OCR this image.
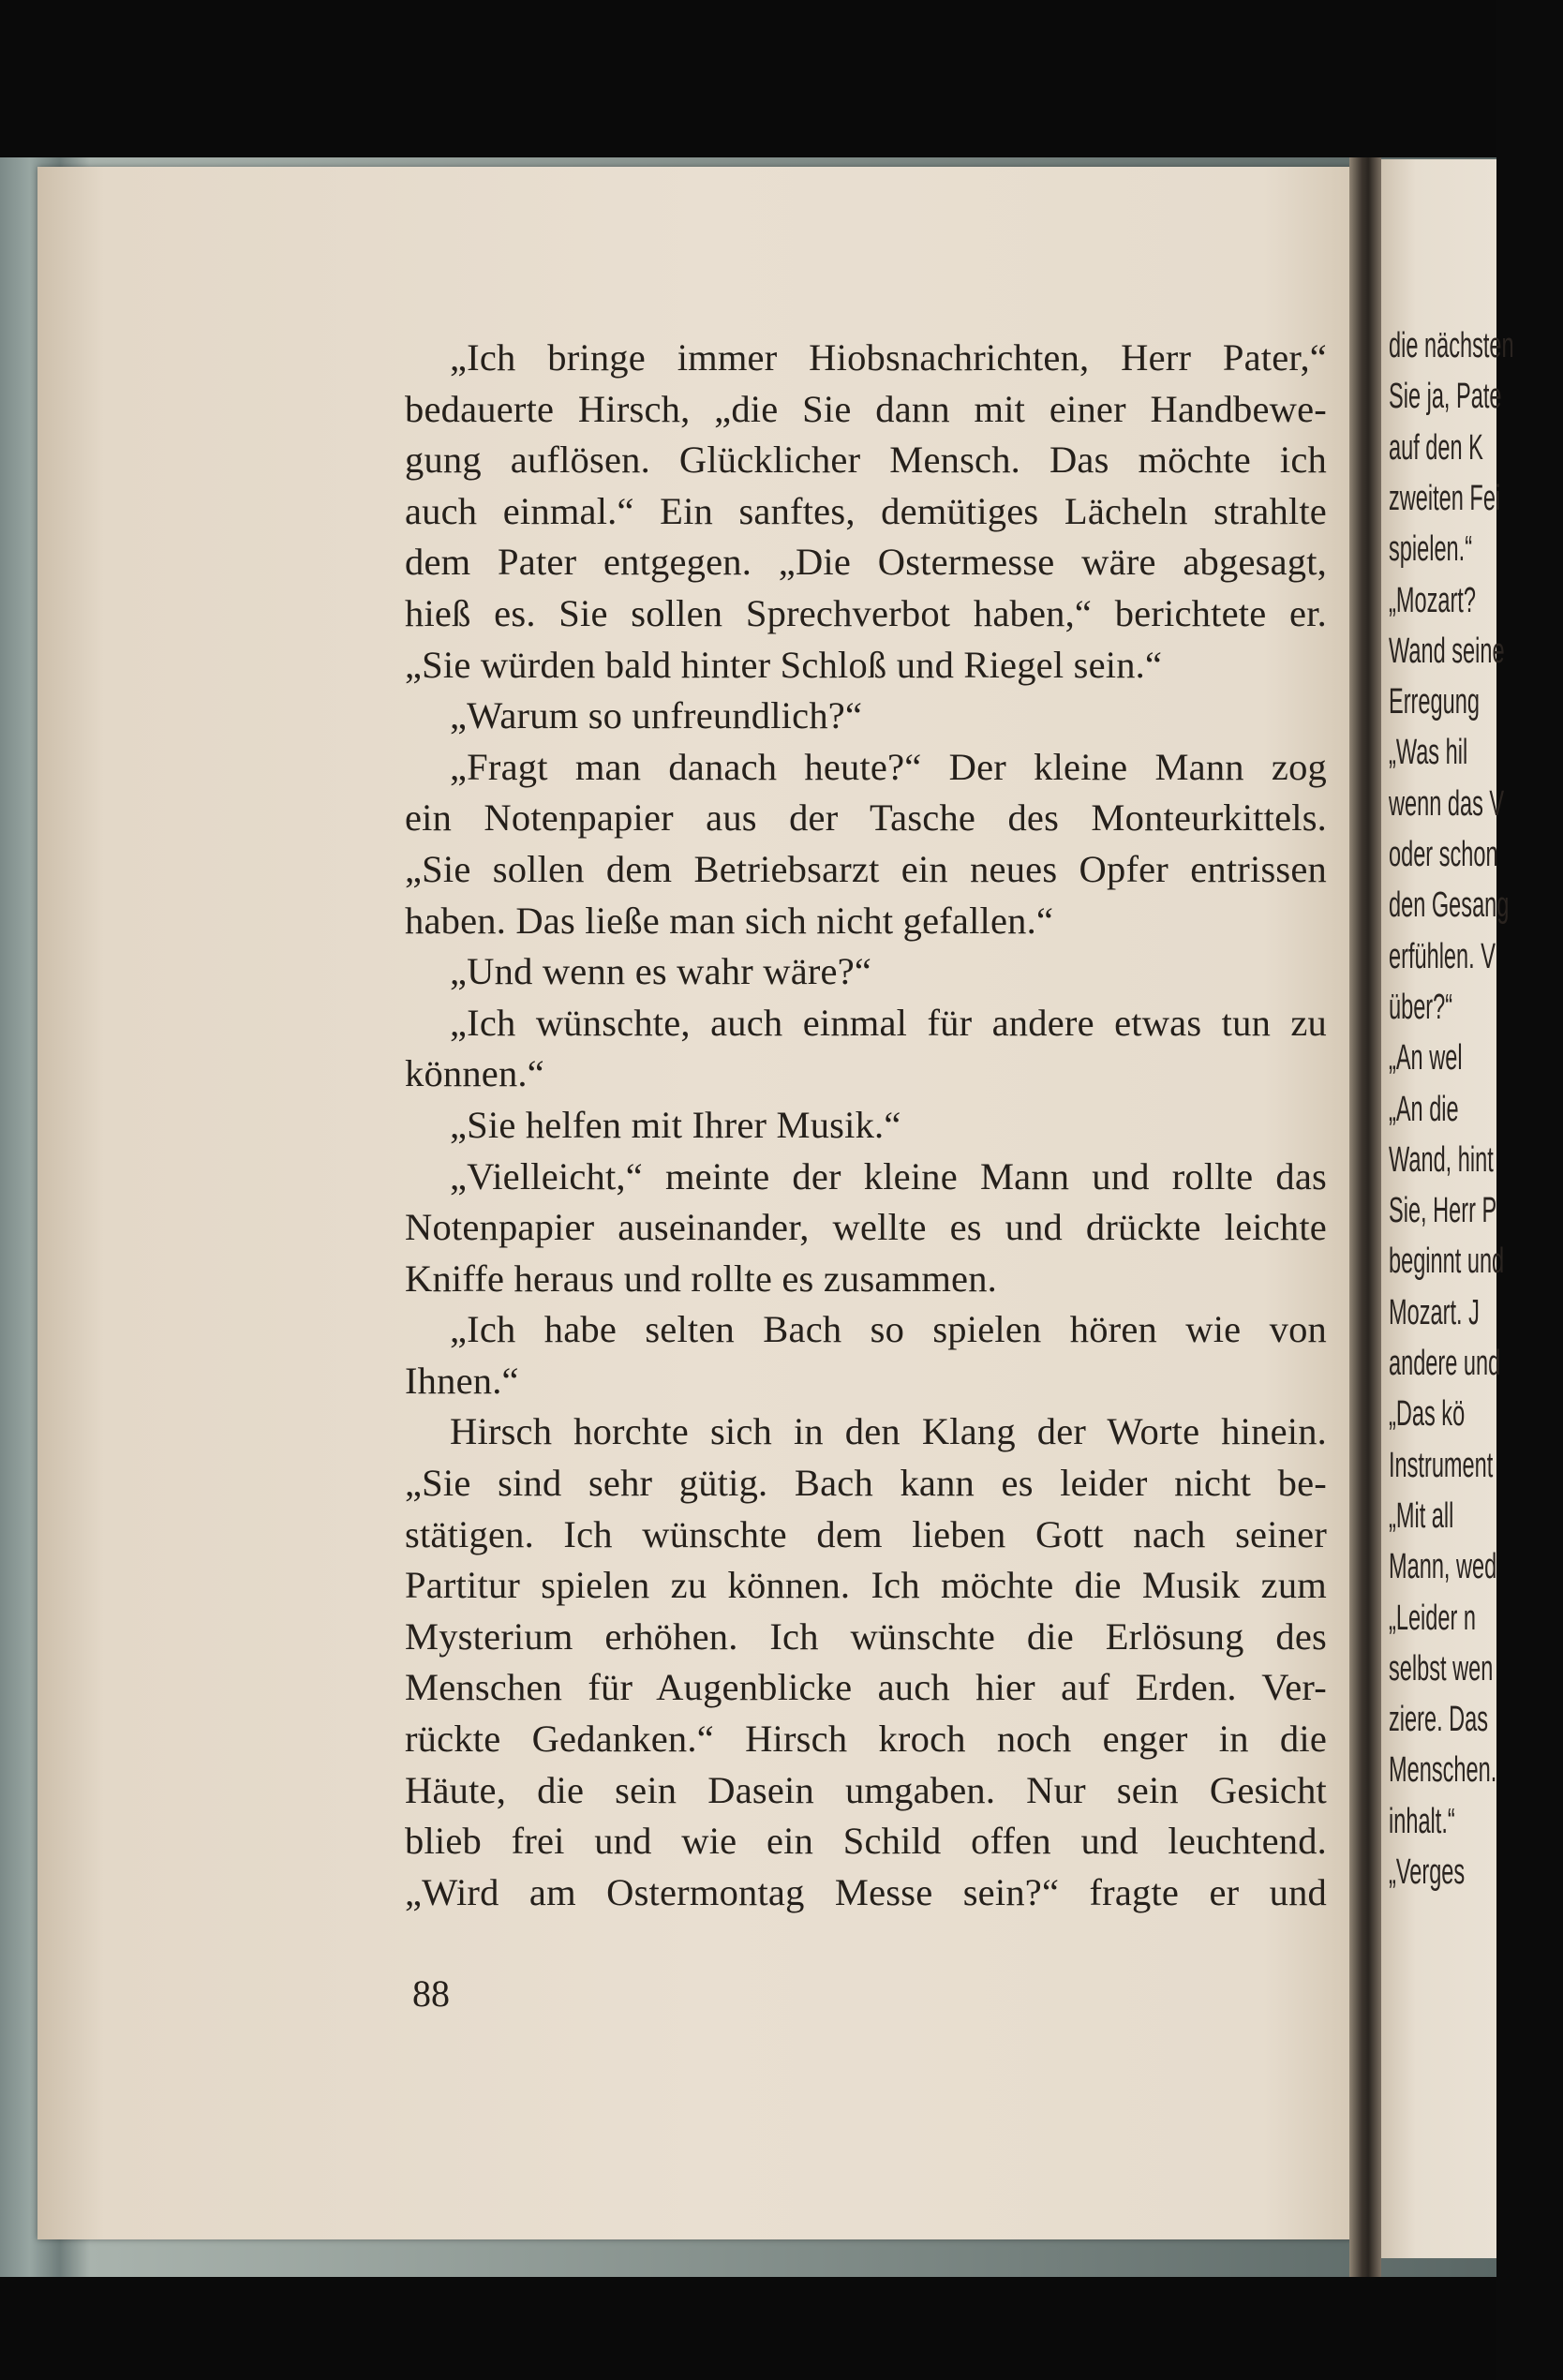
„Ich bringe immer Hiobsnachrichten, Herr Pater,“
bedauerte Hirsch, „die Sie dann mit einer Handbewe-
gung auflösen. Glücklicher Mensch. Das möchte ich
auch einmal.“ Ein sanftes, demütiges Lächeln strahlte
dem Pater entgegen. „Die Ostermesse wäre abgesagt,
hieß es. Sie sollen Sprechverbot haben,“ berichtete er.
„Sie würden bald hinter Schloß und Riegel sein.“
„Warum so unfreundlich?“
„Fragt man danach heute?“ Der kleine Mann zog
ein Notenpapier aus der Tasche des Monteurkittels.
„Sie sollen dem Betriebsarzt ein neues Opfer entrissen
haben. Das ließe man sich nicht gefallen.“
„Und wenn es wahr wäre?“
„Ich wünschte, auch einmal für andere etwas tun zu
können.“
„Sie helfen mit Ihrer Musik.“
„Vielleicht,“ meinte der kleine Mann und rollte das
Notenpapier auseinander, wellte es und drückte leichte
Kniffe heraus und rollte es zusammen.
„Ich habe selten Bach so spielen hören wie von
Ihnen.“
Hirsch horchte sich in den Klang der Worte hinein.
„Sie sind sehr gütig. Bach kann es leider nicht be-
stätigen. Ich wünschte dem lieben Gott nach seiner
Partitur spielen zu können. Ich möchte die Musik zum
Mysterium erhöhen. Ich wünschte die Erlösung des
Menschen für Augenblicke auch hier auf Erden. Ver-
rückte Gedanken.“ Hirsch kroch noch enger in die
Häute, die sein Dasein umgaben. Nur sein Gesicht
blieb frei und wie ein Schild offen und leuchtend.
„Wird am Ostermontag Messe sein?“ fragte er und
88
die nächsten
Sie ja, Pate
auf den K
zweiten Fei
spielen.“
„Mozart?
Wand seine
Erregung
„Was hil
wenn das V
oder schon
den Gesang
erfühlen. V
über?“
„An wel
„An die
Wand, hint
Sie, Herr P
beginnt und
Mozart. J
andere und
„Das kö
Instrument
„Mit all
Mann, wed
„Leider n
selbst wen
ziere. Das
Menschen.
inhalt.“
„Verges
